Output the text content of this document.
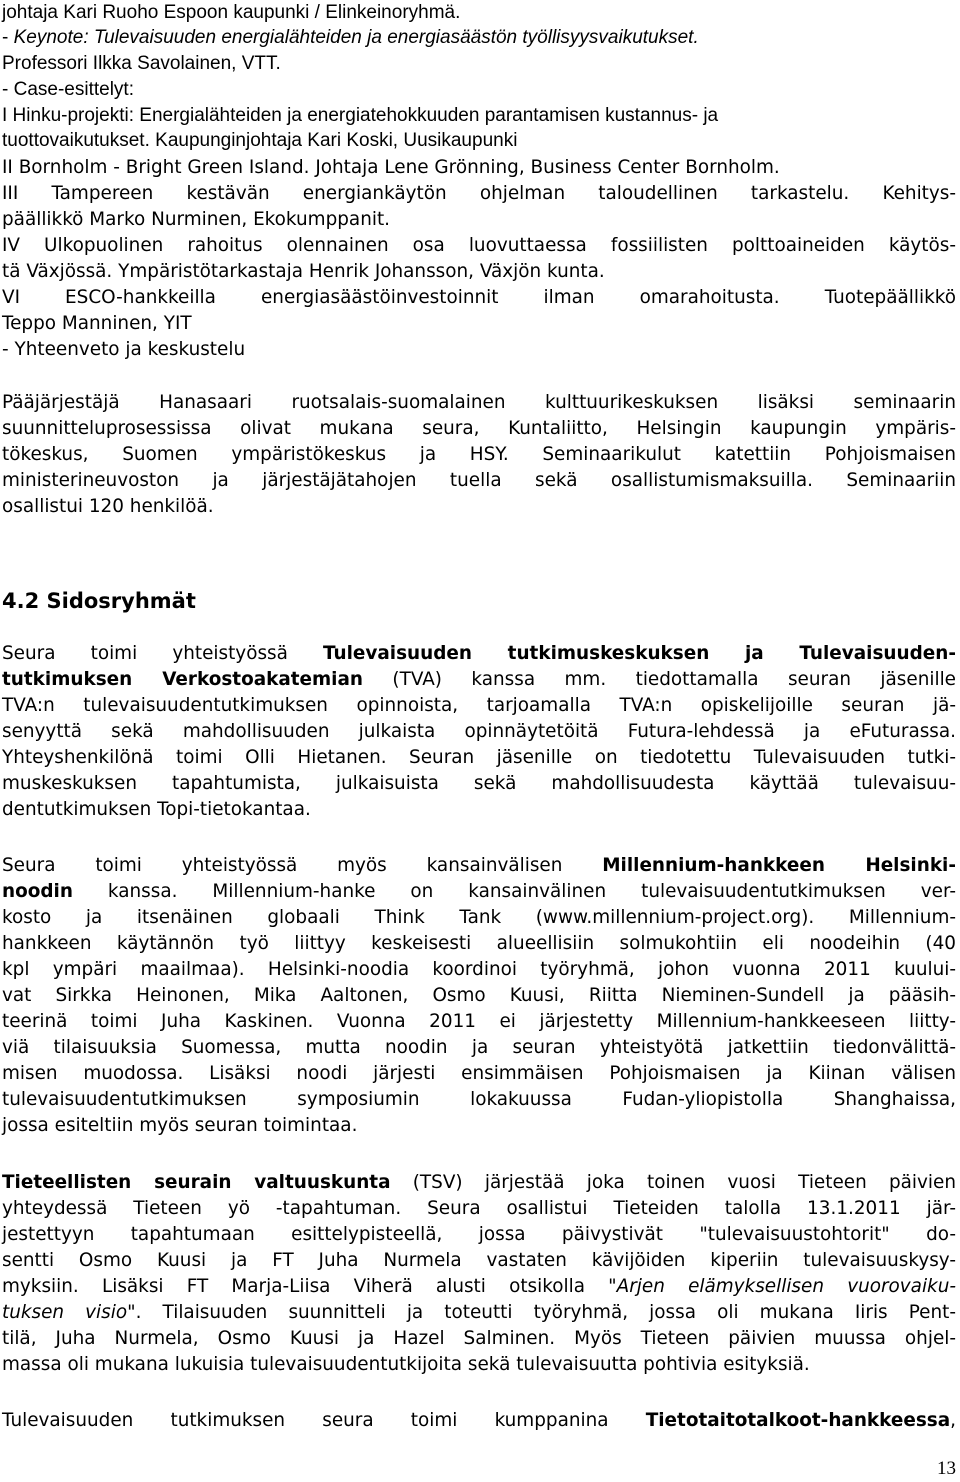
johtaja Kari Ruoho Espoon kaupunki / Elinkeinoryhmä.
- Keynote: Tulevaisuuden energialähteiden ja energiasäästön työllisyysvaikutukset.
Professori Ilkka Savolainen, VTT.
- Case-esittelyt:
I Hinku-projekti: Energialähteiden ja energiatehokkuuden parantamisen kustannus- ja
tuottovaikutukset. Kaupunginjohtaja Kari Koski, Uusikaupunki
II Bornholm - Bright Green Island. Johtaja Lene Grönning, Business Center Bornholm.
III Tampereen kestävän energiankäytön ohjelman taloudellinen tarkastelu. Kehitys-
päällikkö Marko Nurminen, Ekokumppanit.
IV Ulkopuolinen rahoitus olennainen osa luovuttaessa fossiilisten polttoaineiden käytös-
tä Växjössä. Ympäristötarkastaja Henrik Johansson, Växjön kunta.
VI ESCO-hankkeilla energiasäästöinvestoinnit ilman omarahoitusta. Tuotepäällikkö
Teppo Manninen, YIT
- Yhteenveto ja keskustelu
Pääjärjestäjä Hanasaari ruotsalais-suomalainen kulttuurikeskuksen lisäksi seminaarin
suunnitteluprosessissa olivat mukana seura, Kuntaliitto, Helsingin kaupungin ympäris-
tökeskus, Suomen ympäristökeskus ja HSY. Seminaarikulut katettiin Pohjoismaisen
ministerineuvoston ja järjestäjätahojen tuella sekä osallistumismaksuilla. Seminaariin
osallistui 120 henkilöä.
Seura toimi yhteistyössä Tulevaisuuden tutkimuskeskuksen ja Tulevaisuuden-
tutkimuksen Verkostoakatemian (TVA) kanssa mm. tiedottamalla seuran jäsenille
TVA:n tulevaisuudentutkimuksen opinnoista, tarjoamalla TVA:n opiskelijoille seuran jä-
senyyttä sekä mahdollisuuden julkaista opinnäytetöitä Futura-lehdessä ja eFuturassa.
Yhteyshenkilönä toimi Olli Hietanen. Seuran jäsenille on tiedotettu Tulevaisuuden tutki-
muskeskuksen tapahtumista, julkaisuista sekä mahdollisuudesta käyttää tulevaisuu-
dentutkimuksen Topi-tietokantaa.
Seura toimi yhteistyössä myös kansainvälisen Millennium-hankkeen Helsinki-
noodin kanssa. Millennium-hanke on kansainvälinen tulevaisuudentutkimuksen ver-
kosto ja itsenäinen globaali Think Tank (www.millennium-project.org). Millennium-
hankkeen käytännön työ liittyy keskeisesti alueellisiin solmukohtiin eli noodeihin (40
kpl ympäri maailmaa). Helsinki-noodia koordinoi työryhmä, johon vuonna 2011 kuului-
vat Sirkka Heinonen, Mika Aaltonen, Osmo Kuusi, Riitta Nieminen-Sundell ja pääsih-
teerinä toimi Juha Kaskinen. Vuonna 2011 ei järjestetty Millennium-hankkeeseen liitty-
viä tilaisuuksia Suomessa, mutta noodin ja seuran yhteistyötä jatkettiin tiedonvälittä-
misen muodossa. Lisäksi noodi järjesti ensimmäisen Pohjoismaisen ja Kiinan välisen
tulevaisuudentutkimuksen symposiumin lokakuussa Fudan-yliopistolla Shanghaissa,
jossa esiteltiin myös seuran toimintaa.
Tieteellisten seurain valtuuskunta (TSV) järjestää joka toinen vuosi Tieteen päivien
yhteydessä Tieteen yö -tapahtuman. Seura osallistui Tieteiden talolla 13.1.2011 jär-
jestettyyn tapahtumaan esittelypisteellä, jossa päivystivät "tulevaisuustohtorit" do-
sentti Osmo Kuusi ja FT Juha Nurmela vastaten kävijöiden kiperiin tulevaisuuskysy-
myksiin. Lisäksi FT Marja-Liisa Viherä alusti otsikolla "Arjen elämyksellisen vuorovaiku-
tuksen visio". Tilaisuuden suunnitteli ja toteutti työryhmä, jossa oli mukana Iiris Pent-
tilä, Juha Nurmela, Osmo Kuusi ja Hazel Salminen. Myös Tieteen päivien muussa ohjel-
massa oli mukana lukuisia tulevaisuudentutkijoita sekä tulevaisuutta pohtivia esityksiä.
Tulevaisuuden tutkimuksen seura toimi kumppanina Tietotaitotalkoot-hankkeessa,
4.2 Sidosryhmät
13
